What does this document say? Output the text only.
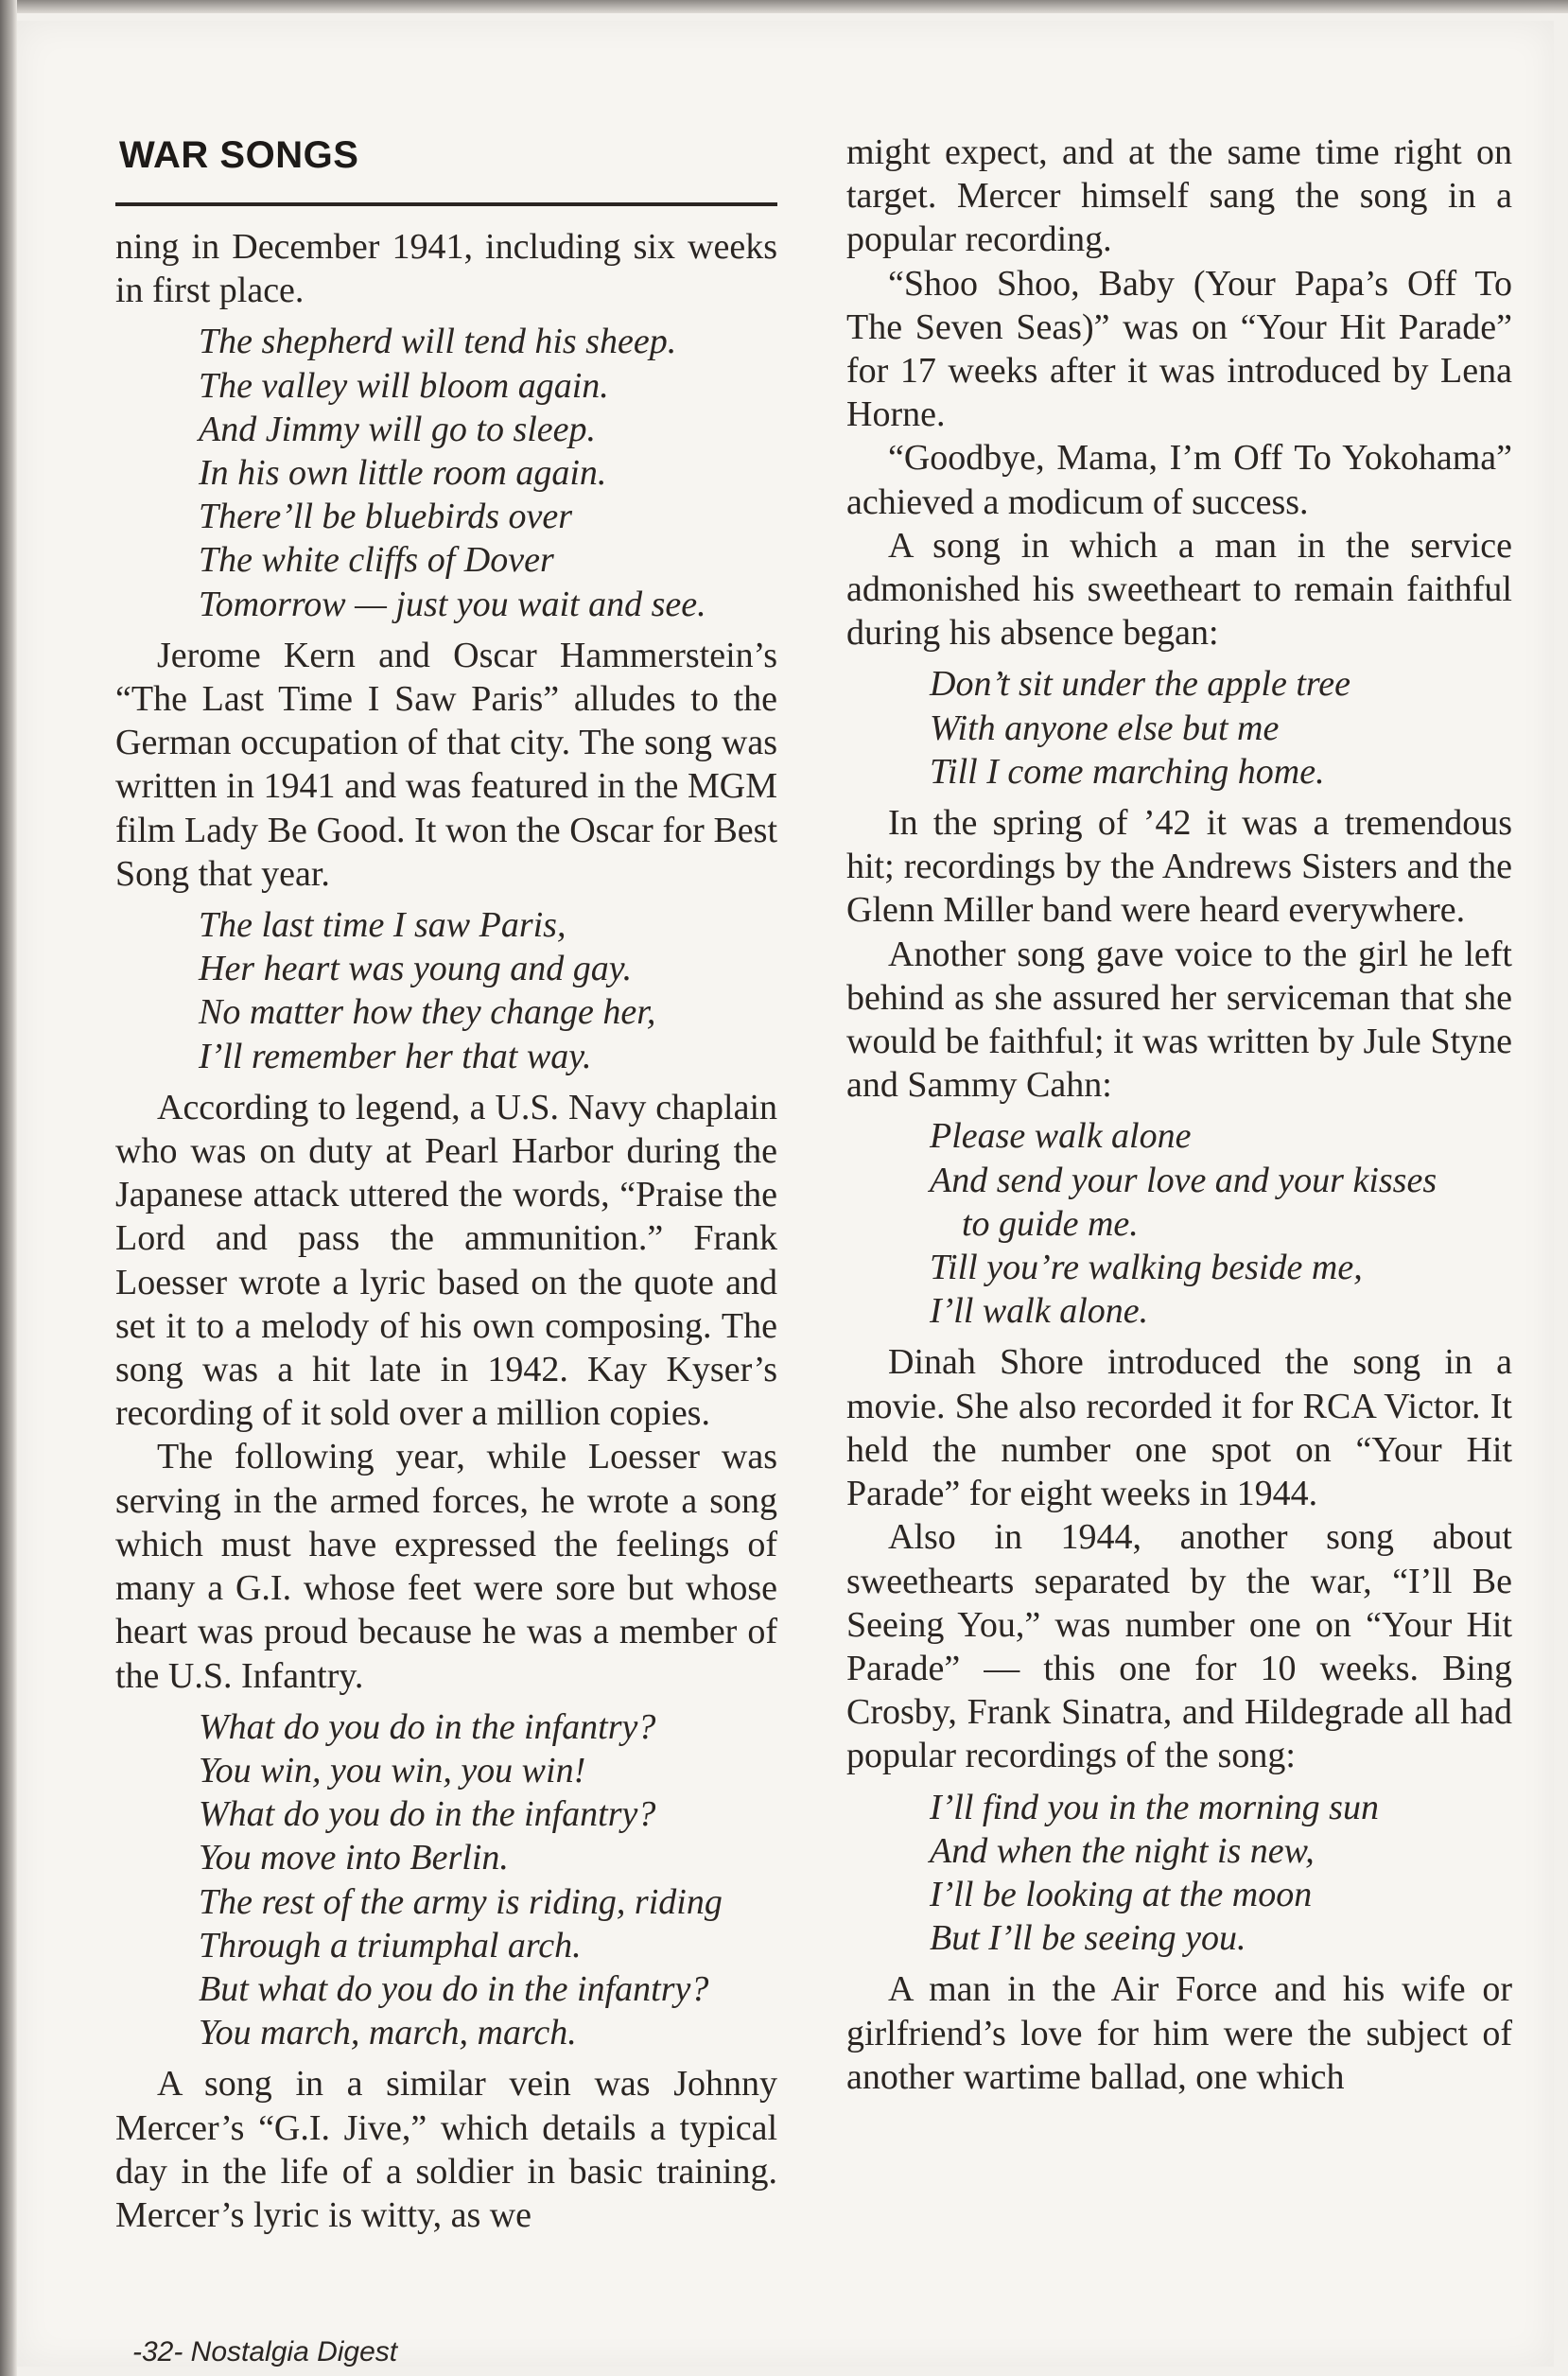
WAR SONGS

ning in December 1941, including six weeks in first place.

The shepherd will tend his sheep.
The valley will bloom again.
And Jimmy will go to sleep.
In his own little room again.
There’ll be bluebirds over
The white cliffs of Dover
Tomorrow — just you wait and see.

Jerome Kern and Oscar Hammerstein’s “The Last Time I Saw Paris” alludes to the German occupation of that city. The song was written in 1941 and was featured in the MGM film Lady Be Good. It won the Oscar for Best Song that year.

The last time I saw Paris,
Her heart was young and gay.
No matter how they change her,
I’ll remember her that way.

According to legend, a U.S. Navy chaplain who was on duty at Pearl Harbor during the Japanese attack uttered the words, “Praise the Lord and pass the ammunition.” Frank Loesser wrote a lyric based on the quote and set it to a melody of his own composing. The song was a hit late in 1942. Kay Kyser’s recording of it sold over a million copies.

The following year, while Loesser was serving in the armed forces, he wrote a song which must have expressed the feelings of many a G.I. whose feet were sore but whose heart was proud because he was a member of the U.S. Infantry.

What do you do in the infantry?
You win, you win, you win!
What do you do in the infantry?
You move into Berlin.
The rest of the army is riding, riding
Through a triumphal arch.
But what do you do in the infantry?
You march, march, march.

A song in a similar vein was Johnny Mercer’s “G.I. Jive,” which details a typical day in the life of a soldier in basic training. Mercer’s lyric is witty, as we

might expect, and at the same time right on target. Mercer himself sang the song in a popular recording.

“Shoo Shoo, Baby (Your Papa’s Off To The Seven Seas)” was on “Your Hit Parade” for 17 weeks after it was introduced by Lena Horne.

“Goodbye, Mama, I’m Off To Yokohama” achieved a modicum of success.

A song in which a man in the service admonished his sweetheart to remain faithful during his absence began:

Don’t sit under the apple tree
With anyone else but me
Till I come marching home.

In the spring of ’42 it was a tremendous hit; recordings by the Andrews Sisters and the Glenn Miller band were heard everywhere.

Another song gave voice to the girl he left behind as she assured her serviceman that she would be faithful; it was written by Jule Styne and Sammy Cahn:

Please walk alone
And send your love and your kisses
to guide me.
Till you’re walking beside me,
I’ll walk alone.

Dinah Shore introduced the song in a movie. She also recorded it for RCA Victor. It held the number one spot on “Your Hit Parade” for eight weeks in 1944.

Also in 1944, another song about sweethearts separated by the war, “I’ll Be Seeing You,” was number one on “Your Hit Parade” — this one for 10 weeks. Bing Crosby, Frank Sinatra, and Hildegrade all had popular recordings of the song:

I’ll find you in the morning sun
And when the night is new,
I’ll be looking at the moon
But I’ll be seeing you.

A man in the Air Force and his wife or girlfriend’s love for him were the subject of another wartime ballad, one which

-32- Nostalgia Digest
